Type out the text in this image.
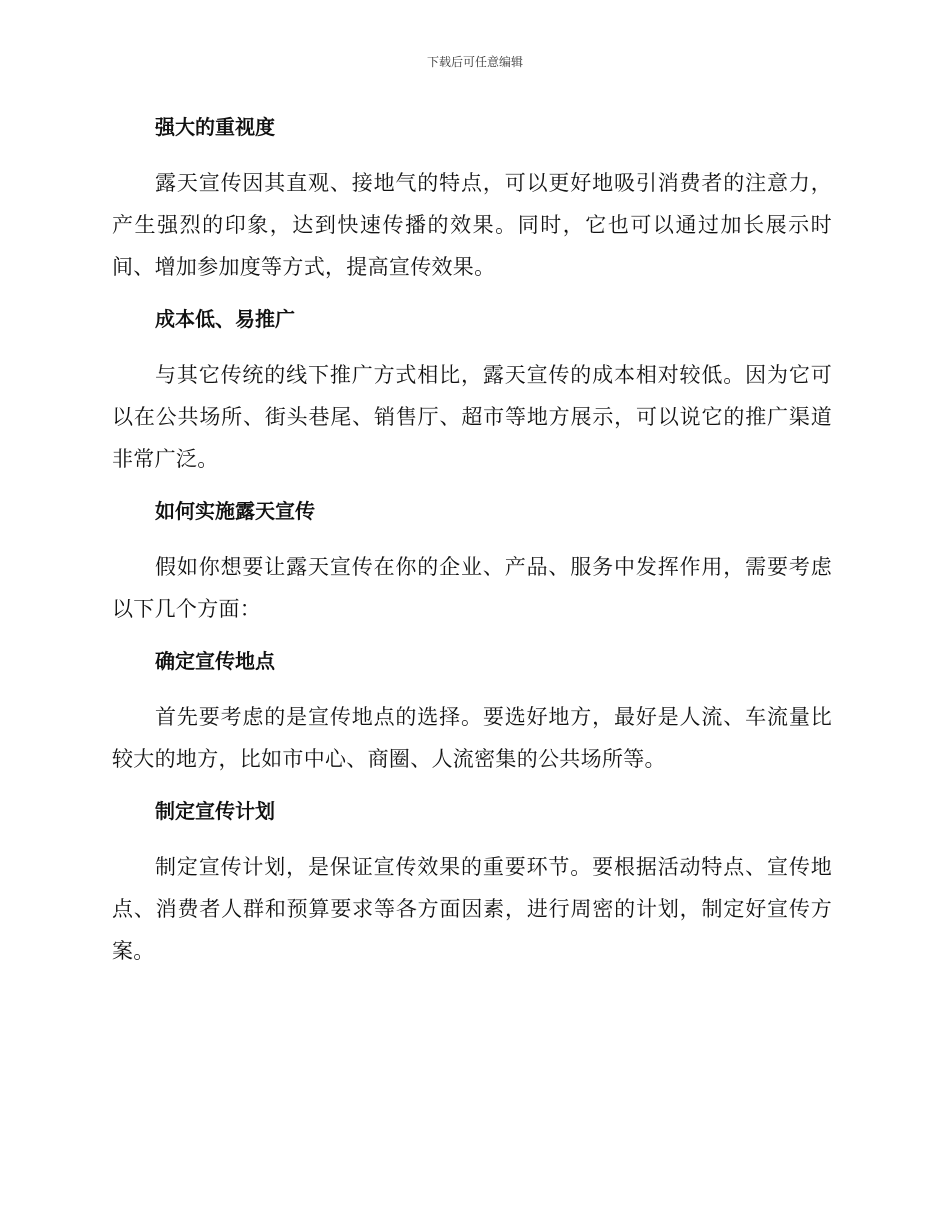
下载后可任意编辑
强大的重视度
露天宣传因其直观、接地气的特点，可以更好地吸引消费者的注意力，产生强烈的印象，达到快速传播的效果。同时，它也可以通过加长展示时间、增加参加度等方式，提高宣传效果。
成本低、易推广
与其它传统的线下推广方式相比，露天宣传的成本相对较低。因为它可以在公共场所、街头巷尾、销售厅、超市等地方展示，可以说它的推广渠道非常广泛。
如何实施露天宣传
假如你想要让露天宣传在你的企业、产品、服务中发挥作用，需要考虑以下几个方面：
确定宣传地点
首先要考虑的是宣传地点的选择。要选好地方，最好是人流、车流量比较大的地方，比如市中心、商圈、人流密集的公共场所等。
制定宣传计划
制定宣传计划，是保证宣传效果的重要环节。要根据活动特点、宣传地点、消费者人群和预算要求等各方面因素，进行周密的计划，制定好宣传方案。
